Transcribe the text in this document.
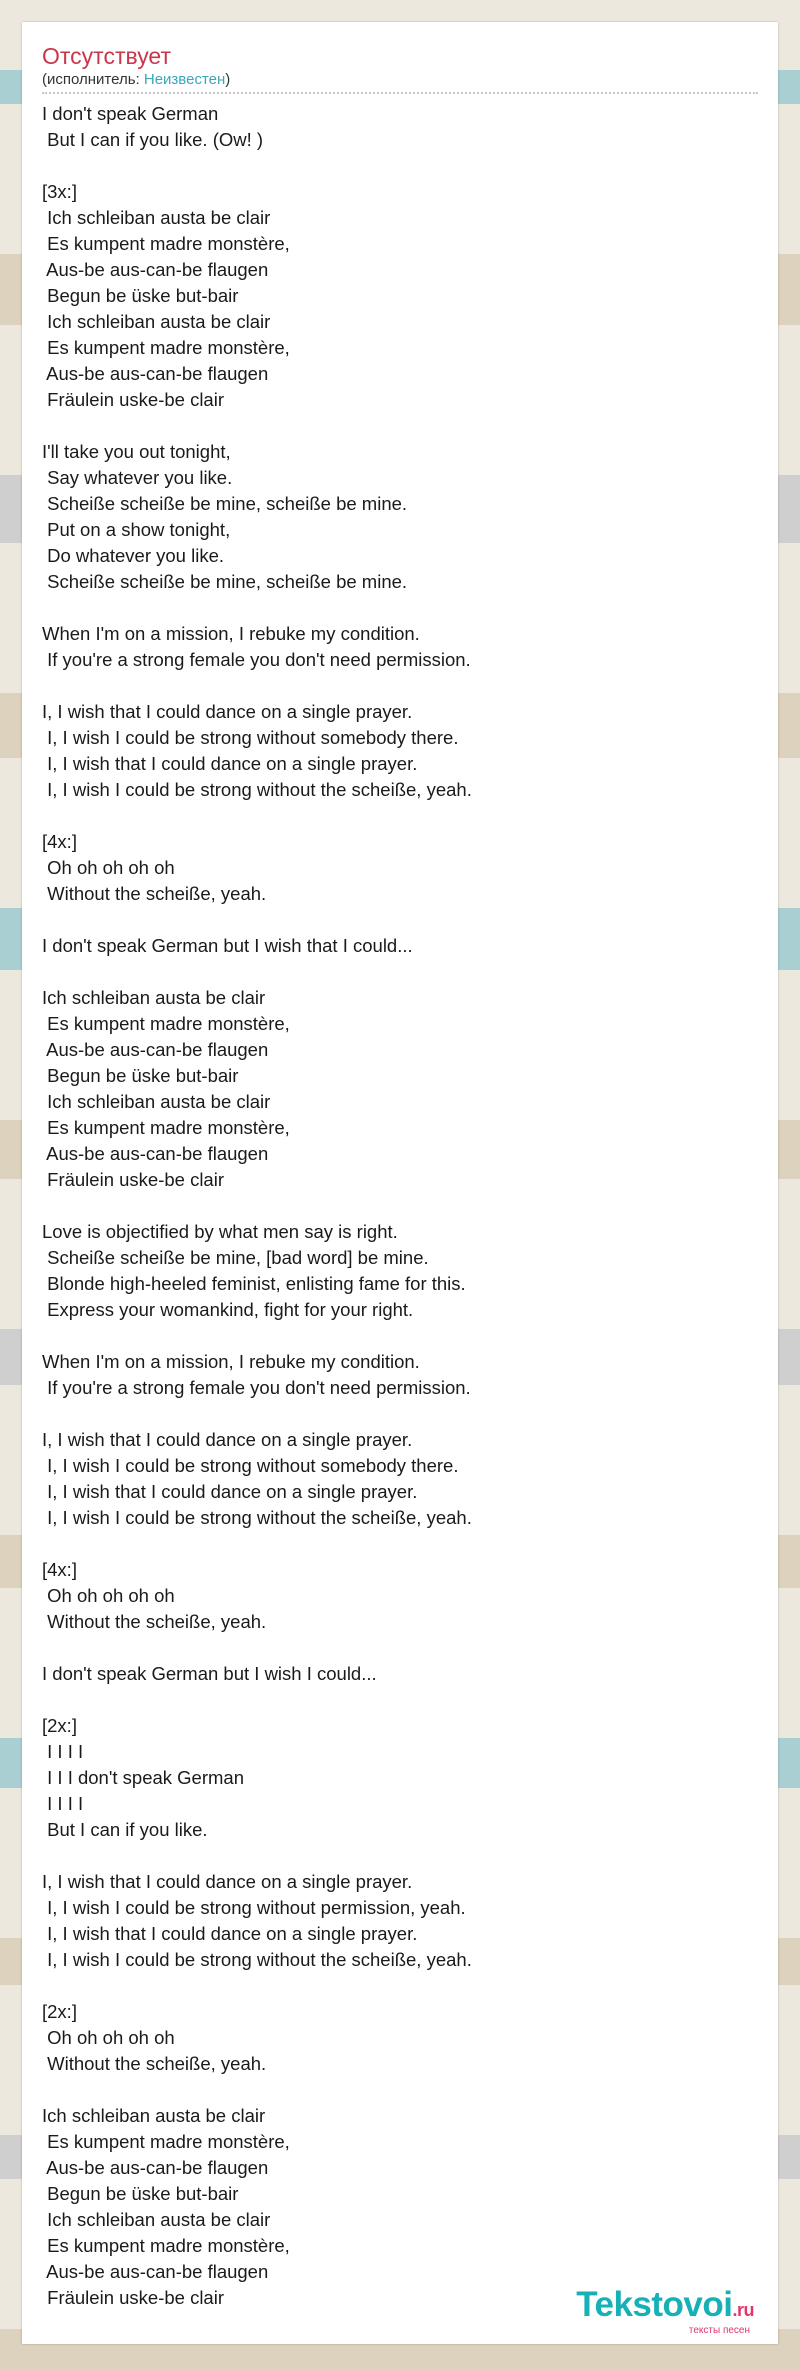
Отсутствует
(исполнитель: Неизвестен)
I don't speak German
But I can if you like. (Ow! )

[3x:]
Ich schleiban austa be clair
Es kumpent madre monstère,
Aus-be aus-can-be flaugen
Begun be üske but-bair
Ich schleiban austa be clair
Es kumpent madre monstère,
Aus-be aus-can-be flaugen
Fräulein uske-be clair

I'll take you out tonight,
Say whatever you like.
Scheiße scheiße be mine, scheiße be mine.
Put on a show tonight,
Do whatever you like.
Scheiße scheiße be mine, scheiße be mine.

When I'm on a mission, I rebuke my condition.
If you're a strong female you don't need permission.

I, I wish that I could dance on a single prayer.
I, I wish I could be strong without somebody there.
I, I wish that I could dance on a single prayer.
I, I wish I could be strong without the scheiße, yeah.

[4x:]
Oh oh oh oh oh
Without the scheiße, yeah.

I don't speak German but I wish that I could...

Ich schleiban austa be clair
Es kumpent madre monstère,
Aus-be aus-can-be flaugen
Begun be üske but-bair
Ich schleiban austa be clair
Es kumpent madre monstère,
Aus-be aus-can-be flaugen
Fräulein uske-be clair

Love is objectified by what men say is right.
Scheiße scheiße be mine, [bad word] be mine.
Blonde high-heeled feminist, enlisting fame for this.
Express your womankind, fight for your right.

When I'm on a mission, I rebuke my condition.
If you're a strong female you don't need permission.

I, I wish that I could dance on a single prayer.
I, I wish I could be strong without somebody there.
I, I wish that I could dance on a single prayer.
I, I wish I could be strong without the scheiße, yeah.

[4x:]
Oh oh oh oh oh
Without the scheiße, yeah.

I don't speak German but I wish I could...

[2x:]
I I I I
I I I don't speak German
I I I I
But I can if you like.

I, I wish that I could dance on a single prayer.
I, I wish I could be strong without permission, yeah.
I, I wish that I could dance on a single prayer.
I, I wish I could be strong without the scheiße, yeah.

[2x:]
Oh oh oh oh oh
Without the scheiße, yeah.

Ich schleiban austa be clair
Es kumpent madre monstère,
Aus-be aus-can-be flaugen
Begun be üske but-bair
Ich schleiban austa be clair
Es kumpent madre monstère,
Aus-be aus-can-be flaugen
Fräulein uske-be clair	Tekstovoi.ru
тексты песен
